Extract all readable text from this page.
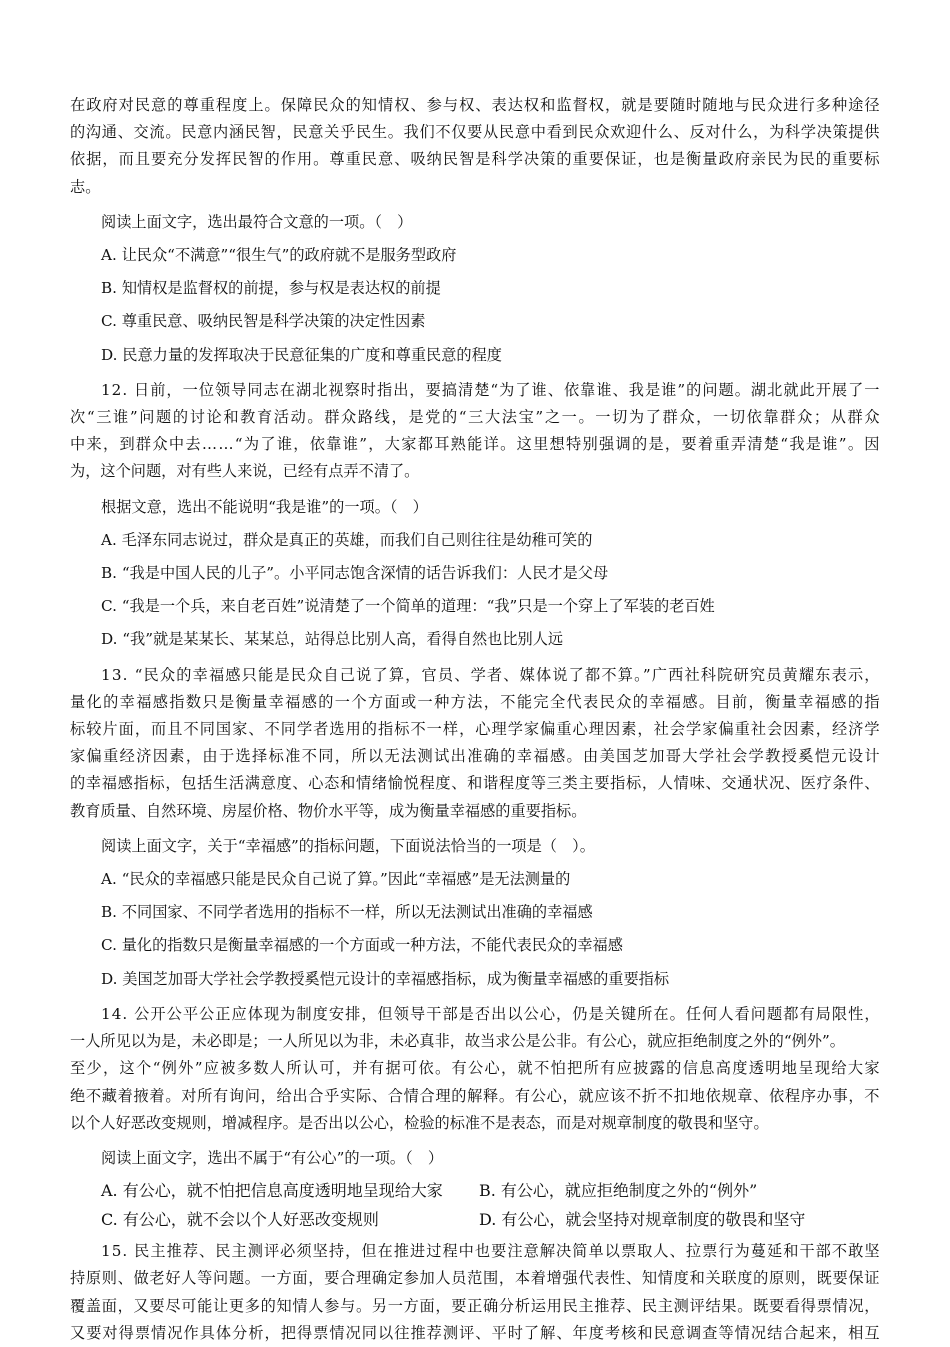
在政府对民意的尊重程度上。保障民众的知情权、参与权、表达权和监督权，就是要随时随地与民众进行多种途径

的沟通、交流。民意内涵民智，民意关乎民生。我们不仅要从民意中看到民众欢迎什么、反对什么，为科学决策提供

依据，而且要充分发挥民智的作用。尊重民意、吸纳民智是科学决策的重要保证，也是衡量政府亲民为民的重要标

志。

阅读上面文字，选出最符合文意的一项。（　）

A. 让民众“不满意”“很生气”的政府就不是服务型政府

B. 知情权是监督权的前提，参与权是表达权的前提

C. 尊重民意、吸纳民智是科学决策的决定性因素

D. 民意力量的发挥取决于民意征集的广度和尊重民意的程度

12. 日前，一位领导同志在湖北视察时指出，要搞清楚“为了谁、依靠谁、我是谁”的问题。湖北就此开展了一

次“三谁”问题的讨论和教育活动。群众路线，是党的“三大法宝”之一。一切为了群众，一切依靠群众；从群众

中来，到群众中去……“为了谁，依靠谁”，大家都耳熟能详。这里想特别强调的是，要着重弄清楚“我是谁”。因

为，这个问题，对有些人来说，已经有点弄不清了。

根据文意，选出不能说明“我是谁”的一项。（　）

A. 毛泽东同志说过，群众是真正的英雄，而我们自己则往往是幼稚可笑的

B. “我是中国人民的儿子”。小平同志饱含深情的话告诉我们：人民才是父母

C. “我是一个兵，来自老百姓”说清楚了一个简单的道理：“我”只是一个穿上了军装的老百姓

D. “我”就是某某长、某某总，站得总比别人高，看得自然也比别人远

13. “民众的幸福感只能是民众自己说了算，官员、学者、媒体说了都不算。”广西社科院研究员黄耀东表示，

量化的幸福感指数只是衡量幸福感的一个方面或一种方法，不能完全代表民众的幸福感。目前，衡量幸福感的指

标较片面，而且不同国家、不同学者选用的指标不一样，心理学家偏重心理因素，社会学家偏重社会因素，经济学

家偏重经济因素，由于选择标准不同，所以无法测试出准确的幸福感。由美国芝加哥大学社会学教授奚恺元设计

的幸福感指标，包括生活满意度、心态和情绪愉悦程度、和谐程度等三类主要指标，人情味、交通状况、医疗条件、

教育质量、自然环境、房屋价格、物价水平等，成为衡量幸福感的重要指标。

阅读上面文字，关于“幸福感”的指标问题，下面说法恰当的一项是（　）。

A. “民众的幸福感只能是民众自己说了算。”因此“幸福感”是无法测量的

B. 不同国家、不同学者选用的指标不一样，所以无法测试出准确的幸福感

C. 量化的指数只是衡量幸福感的一个方面或一种方法，不能代表民众的幸福感

D. 美国芝加哥大学社会学教授奚恺元设计的幸福感指标，成为衡量幸福感的重要指标

14. 公开公平公正应体现为制度安排，但领导干部是否出以公心，仍是关键所在。任何人看问题都有局限性，

一人所见以为是，未必即是；一人所见以为非，未必真非，故当求公是公非。有公心，就应拒绝制度之外的“例外”。

至少，这个“例外”应被多数人所认可，并有据可依。有公心，就不怕把所有应披露的信息高度透明地呈现给大家

绝不藏着掖着。对所有询问，给出合乎实际、合情合理的解释。有公心，就应该不折不扣地依规章、依程序办事，不

以个人好恶改变规则，增减程序。是否出以公心，检验的标准不是表态，而是对规章制度的敬畏和坚守。

阅读上面文字，选出不属于“有公心”的一项。（　）

A. 有公心，就不怕把信息高度透明地呈现给大家	B. 有公心，就应拒绝制度之外的“例外”
C. 有公心，就不会以个人好恶改变规则	D. 有公心，就会坚持对规章制度的敬畏和坚守

15. 民主推荐、民主测评必须坚持，但在推进过程中也要注意解决简单以票取人、拉票行为蔓延和干部不敢坚

持原则、做老好人等问题。一方面，要合理确定参加人员范围，本着增强代表性、知情度和关联度的原则，既要保证

覆盖面，又要尽可能让更多的知情人参与。另一方面，要正确分析运用民主推荐、民主测评结果。既要看得票情况，

又要对得票情况作具体分析，把得票情况同以往推荐测评、平时了解、年度考核和民意调查等情况结合起来，相互
